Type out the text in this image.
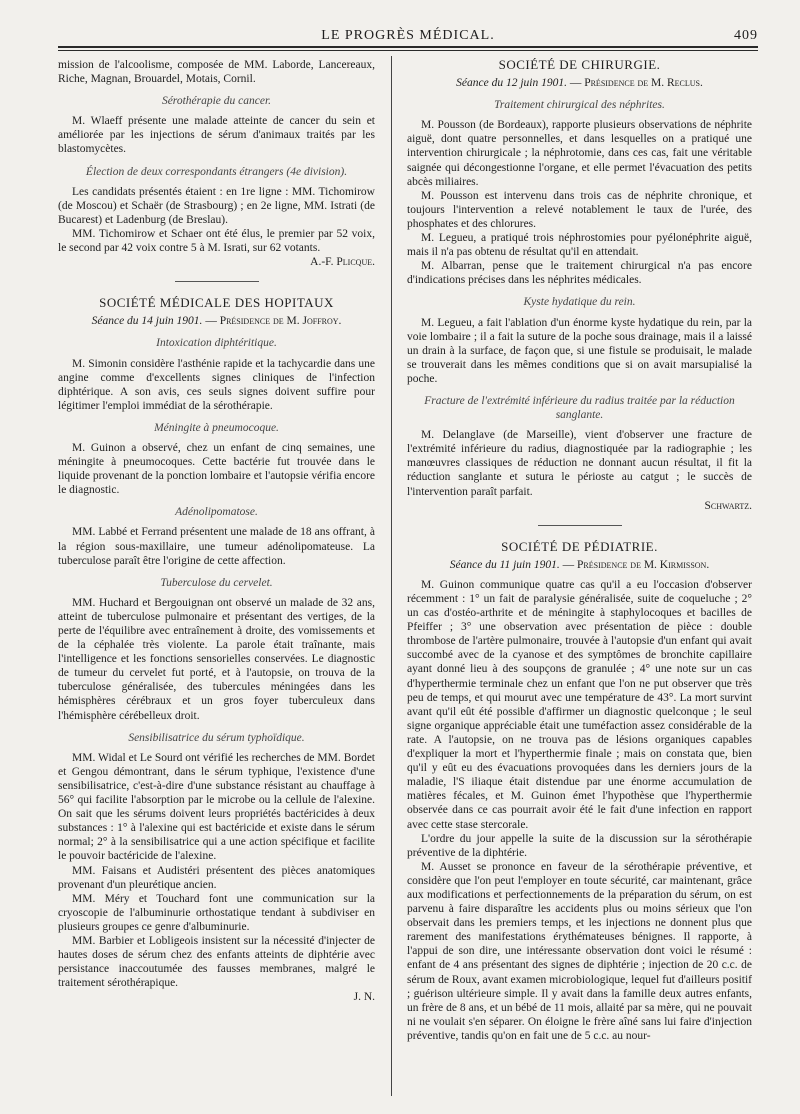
LE PROGRÈS MÉDICAL.	409

mission de l'alcoolisme, composée de MM. Laborde, Lancereaux, Riche, Magnan, Brouardel, Motais, Cornil.

Sérothérapie du cancer.

M. Wlaeff présente une malade atteinte de cancer du sein et améliorée par les injections de sérum d'animaux traités par les blastomycètes.

Élection de deux correspondants étrangers (4e division).

Les candidats présentés étaient : en 1re ligne : MM. Tichomirow (de Moscou) et Schaër (de Strasbourg) ; en 2e ligne, MM. Istrati (de Bucarest) et Ladenburg (de Breslau).

MM. Tichomirow et Schaer ont été élus, le premier par 52 voix, le second par 42 voix contre 5 à M. Israti, sur 62 votants.

A.-F. Plicque.
SOCIÉTÉ MÉDICALE DES HOPITAUX
Séance du 14 juin 1901. — Présidence de M. Joffroy.
Intoxication diphtéritique.

M. Simonin considère l'asthénie rapide et la tachycardie dans une angine comme d'excellents signes cliniques de l'infection diphtérique. A son avis, ces seuls signes doivent suffire pour légitimer l'emploi immédiat de la sérothérapie.

Méningite à pneumocoque.

M. Guinon a observé, chez un enfant de cinq semaines, une méningite à pneumocoques. Cette bactérie fut trouvée dans le liquide provenant de la ponction lombaire et l'autopsie vérifia encore le diagnostic.

Adénolipomatose.

MM. Labbé et Ferrand présentent une malade de 18 ans offrant, à la région sous-maxillaire, une tumeur adénolipomateuse. La tuberculose paraît être l'origine de cette affection.

Tuberculose du cervelet.

MM. Huchard et Bergouignan ont observé un malade de 32 ans, atteint de tuberculose pulmonaire et présentant des vertiges, de la perte de l'équilibre avec entraînement à droite, des vomissements et de la céphalée très violente. La parole était traînante, mais l'intelligence et les fonctions sensorielles conservées. Le diagnostic de tumeur du cervelet fut porté, et à l'autopsie, on trouva de la tuberculose généralisée, des tubercules méningées dans les hémisphères cérébraux et un gros foyer tuberculeux dans l'hémisphère cérébelleux droit.

Sensibilisatrice du sérum typhoïdique.

MM. Widal et Le Sourd ont vérifié les recherches de MM. Bordet et Gengou démontrant, dans le sérum typhique, l'existence d'une sensibilisatrice, c'est-à-dire d'une substance résistant au chauffage à 56° qui facilite l'absorption par le microbe ou la cellule de l'alexine. On sait que les sérums doivent leurs propriétés bactéricides à deux substances : 1° à l'alexine qui est bactéricide et existe dans le sérum normal; 2° à la sensibilisatrice qui a une action spécifique et facilite le pouvoir bactéricide de l'alexine.

MM. Faisans et Audistéri présentent des pièces anatomiques provenant d'un pleurétique ancien.

MM. Méry et Touchard font une communication sur la cryoscopie de l'albuminurie orthostatique tendant à subdiviser en plusieurs groupes ce genre d'albuminurie.

MM. Barbier et Lobligeois insistent sur la nécessité d'injecter de hautes doses de sérum chez des enfants atteints de diphtérie avec persistance inaccoutumée des fausses membranes, malgré le traitement sérothérapique.

J. N.
SOCIÉTÉ DE CHIRURGIE.
Séance du 12 juin 1901. — Présidence de M. Reclus.
Traitement chirurgical des néphrites.

M. Pousson (de Bordeaux), rapporte plusieurs observations de néphrite aiguë, dont quatre personnelles, et dans lesquelles on a pratiqué une intervention chirurgicale ; la néphrotomie, dans ces cas, fait une véritable saignée qui décongestionne l'organe, et elle permet l'évacuation des petits abcès miliaires.

M. Pousson est intervenu dans trois cas de néphrite chronique, et toujours l'intervention a relevé notablement le taux de l'urée, des phosphates et des chlorures.

M. Legueu, a pratiqué trois néphrostomies pour pyélonéphrite aiguë, mais il n'a pas obtenu de résultat qu'il en attendait.

M. Albarran, pense que le traitement chirurgical n'a pas encore d'indications précises dans les néphrites médicales.

Kyste hydatique du rein.

M. Legueu, a fait l'ablation d'un énorme kyste hydatique du rein, par la voie lombaire ; il a fait la suture de la poche sous drainage, mais il a laissé un drain à la surface, de façon que, si une fistule se produisait, le malade se trouverait dans les mêmes conditions que si on avait marsupialisé la poche.

Fracture de l'extrémité inférieure du radius traitée par la réduction sanglante.

M. Delanglave (de Marseille), vient d'observer une fracture de l'extrémité inférieure du radius, diagnostiquée par la radiographie ; les manœuvres classiques de réduction ne donnant aucun résultat, il fit la réduction sanglante et sutura le périoste au catgut ; le succès de l'intervention paraît parfait.

Schwartz.
SOCIÉTÉ DE PÉDIATRIE.
Séance du 11 juin 1901. — Présidence de M. Kirmisson.

M. Guinon communique quatre cas qu'il a eu l'occasion d'observer récemment : 1° un fait de paralysie généralisée, suite de coqueluche ; 2° un cas d'ostéo-arthrite et de méningite à staphylocoques et bacilles de Pfeiffer ; 3° une observation avec présentation de pièce : double thrombose de l'artère pulmonaire, trouvée à l'autopsie d'un enfant qui avait succombé avec de la cyanose et des symptômes de bronchite capillaire ayant donné lieu à des soupçons de granulée ; 4° une note sur un cas d'hyperthermie terminale chez un enfant que l'on ne put observer que très peu de temps, et qui mourut avec une température de 43°. La mort survint avant qu'il eût été possible d'affirmer un diagnostic quelconque ; le seul signe organique appréciable était une tuméfaction assez considérable de la rate. A l'autopsie, on ne trouva pas de lésions organiques capables d'expliquer la mort et l'hyperthermie finale ; mais on constata que, bien qu'il y eût eu des évacuations provoquées dans les derniers jours de la maladie, l'S iliaque était distendue par une énorme accumulation de matières fécales, et M. Guinon émet l'hypothèse que l'hyperthermie observée dans ce cas pourrait avoir été le fait d'une infection en rapport avec cette stase stercorale.

L'ordre du jour appelle la suite de la discussion sur la sérothérapie préventive de la diphtérie.

M. Ausset se prononce en faveur de la sérothérapie préventive, et considère que l'on peut l'employer en toute sécurité, car maintenant, grâce aux modifications et perfectionnements de la préparation du sérum, on est parvenu à faire disparaître les accidents plus ou moins sérieux que l'on observait dans les premiers temps, et les injections ne donnent plus que rarement des manifestations érythémateuses bénignes. Il rapporte, à l'appui de son dire, une intéressante observation dont voici le résumé : enfant de 4 ans présentant des signes de diphtérie ; injection de 20 c.c. de sérum de Roux, avant examen microbiologique, lequel fut d'ailleurs positif ; guérison ultérieure simple. Il y avait dans la famille deux autres enfants, un frère de 8 ans, et un bébé de 11 mois, allaité par sa mère, qui ne pouvait ni ne voulait s'en séparer. On éloigne le frère aîné sans lui faire d'injection préventive, tandis qu'on en fait une de 5 c.c. au nour-
